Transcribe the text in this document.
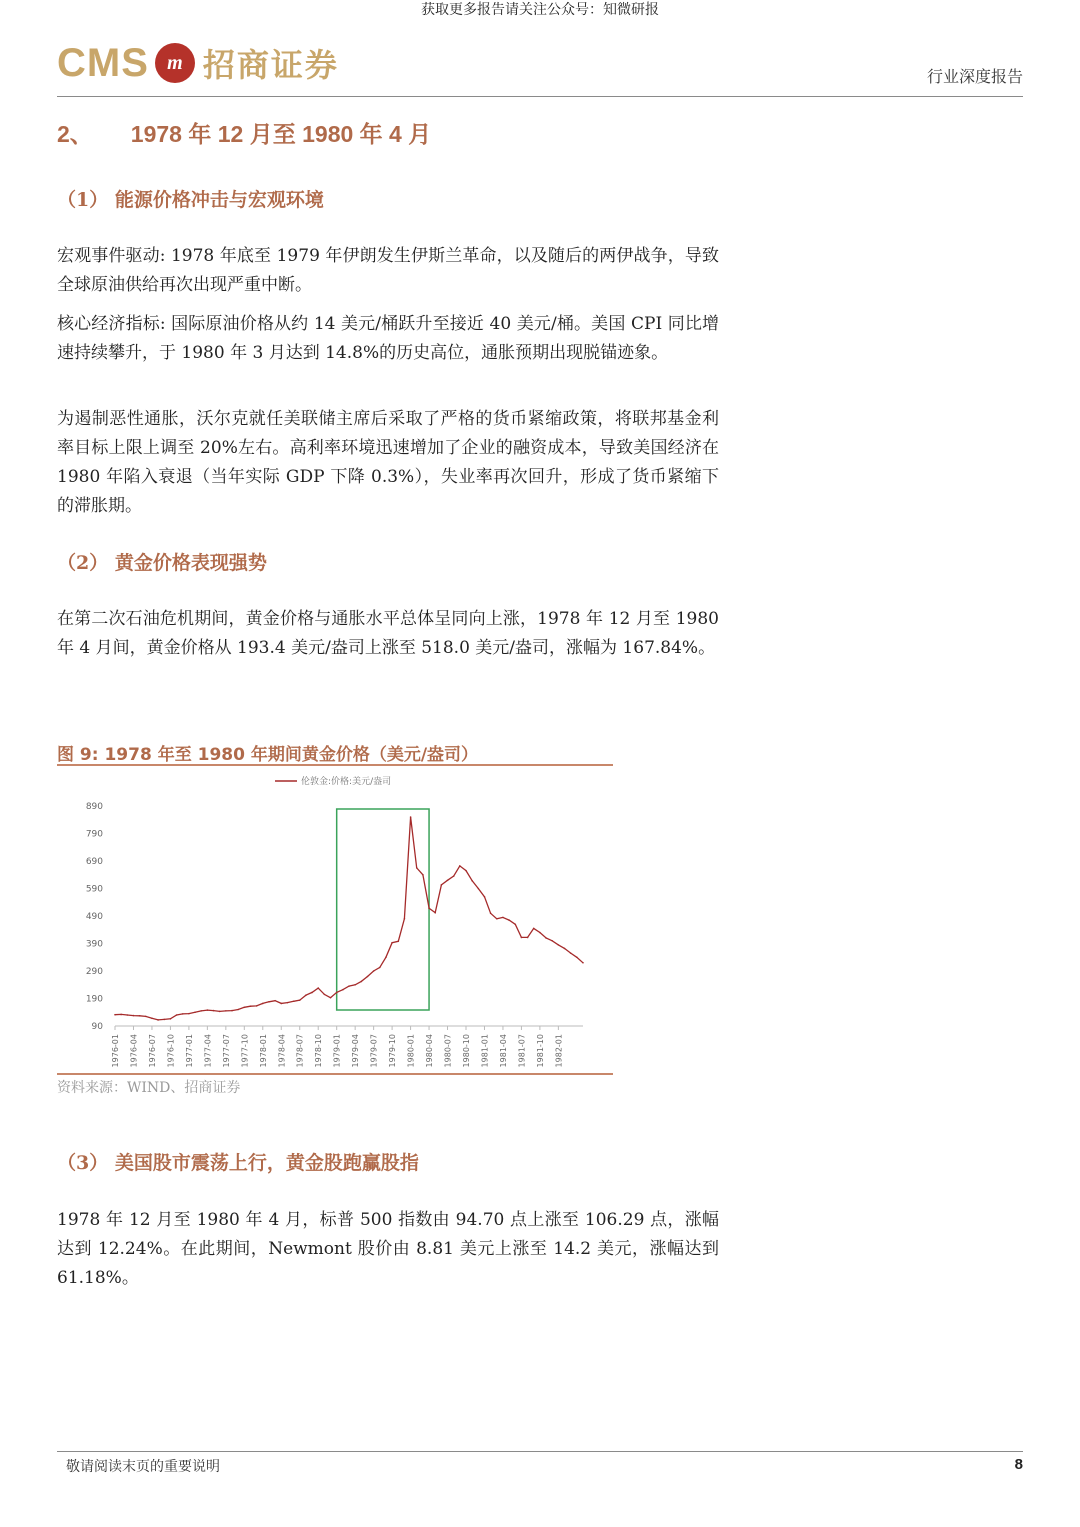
获取更多报告请关注公众号：知微研报
CMS m 招商证券	行业深度报告
2、 1978 年 12 月至 1980 年 4 月
（1） 能源价格冲击与宏观环境

宏观事件驱动: 1978 年底至 1979 年伊朗发生伊斯兰革命，以及随后的两伊战争，导致全球原油供给再次出现严重中断。

核心经济指标: 国际原油价格从约 14 美元/桶跃升至接近 40 美元/桶。美国 CPI 同比增速持续攀升，于 1980 年 3 月达到 14.8%的历史高位，通胀预期出现脱锚迹象。

为遏制恶性通胀，沃尔克就任美联储主席后采取了严格的货币紧缩政策，将联邦基金利率目标上限上调至 20%左右。高利率环境迅速增加了企业的融资成本，导致美国经济在 1980 年陷入衰退（当年实际 GDP 下降 0.3%），失业率再次回升，形成了货币紧缩下的滞胀期。

（2） 黄金价格表现强势

在第二次石油危机期间，黄金价格与通胀水平总体呈同向上涨，1978 年 12 月至 1980 年 4 月间，黄金价格从 193.4 美元/盎司上涨至 518.0 美元/盎司，涨幅为 167.84%。

图 9: 1978 年至 1980 年期间黄金价格（美元/盎司）
伦敦金:价格:美元/盎司
90
190
290
390
490
590
690
790
890
1976-01 1976-04 1976-07 1976-10 1977-01 1977-04 1977-07 1977-10 1978-01 1978-04 1978-07 1978-10 1979-01 1979-04 1979-07 1979-10 1980-01 1980-04 1980-07 1980-10 1981-01 1981-04 1981-07 1981-10 1982-01
资料来源：WIND、招商证券
（3） 美国股市震荡上行，黄金股跑赢股指

1978 年 12 月至 1980 年 4 月，标普 500 指数由 94.70 点上涨至 106.29 点，涨幅达到 12.24%。在此期间，Newmont 股价由 8.81 美元上涨至 14.2 美元，涨幅达到 61.18%。

敬请阅读末页的重要说明	8
